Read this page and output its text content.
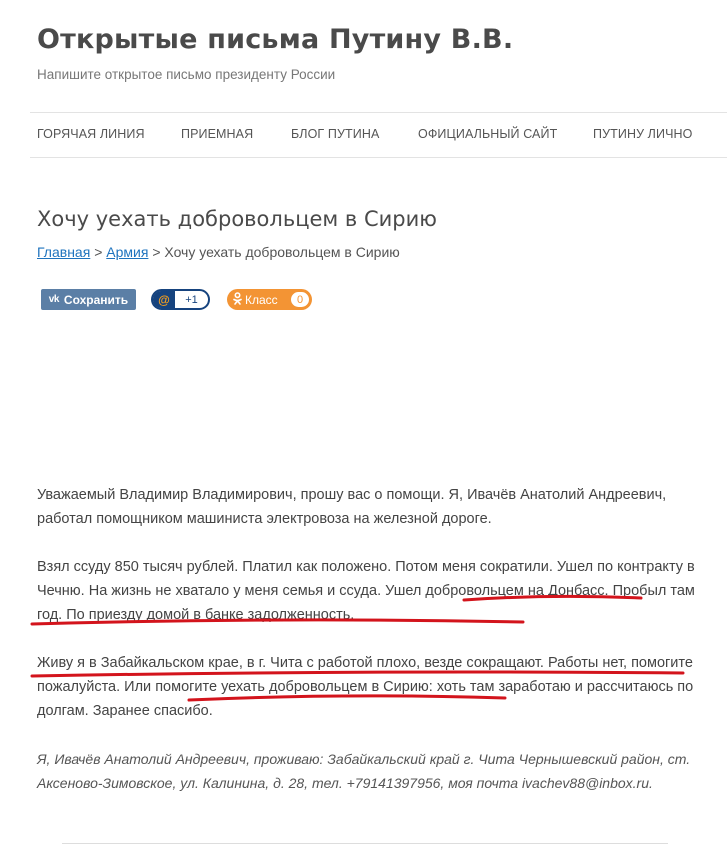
Открытые письма Путину В.В.
Напишите открытое письмо президенту России
ГОРЯЧАЯ ЛИНИЯ	ПРИЕМНАЯ	БЛОГ ПУТИНА	ОФИЦИАЛЬНЫЙ САЙТ	ПУТИНУ ЛИЧНО
Хочу уехать добровольцем в Сирию
Главная > Армия > Хочу уехать добровольцем в Сирию
vk Сохранить	@	+1	Класс	0

Уважаемый Владимир Владимирович, прошу вас о помощи. Я, Ивачёв Анатолий Андреевич, работал помощником машиниста электровоза на железной дороге.

Взял ссуду 850 тысяч рублей. Платил как положено. Потом меня сократили. Ушел по контракту в Чечню. На жизнь не хватало у меня семья и ссуда. Ушел добровольцем на Донбасс. Пробыл там год. По приезду домой в банке задолженность.

Живу я в Забайкальском крае, в г. Чита с работой плохо, везде сокращают. Работы нет, помогите пожалуйста. Или помогите уехать добровольцем в Сирию: хоть там заработаю и рассчитаюсь по долгам. Заранее спасибо.

Я, Ивачёв Анатолий Андреевич, проживаю: Забайкальский край г. Чита Чернышевский район, ст. Аксеново-Зимовское, ул. Калинина, д. 28, тел. +79141397956, моя почта ivachev88@inbox.ru.
